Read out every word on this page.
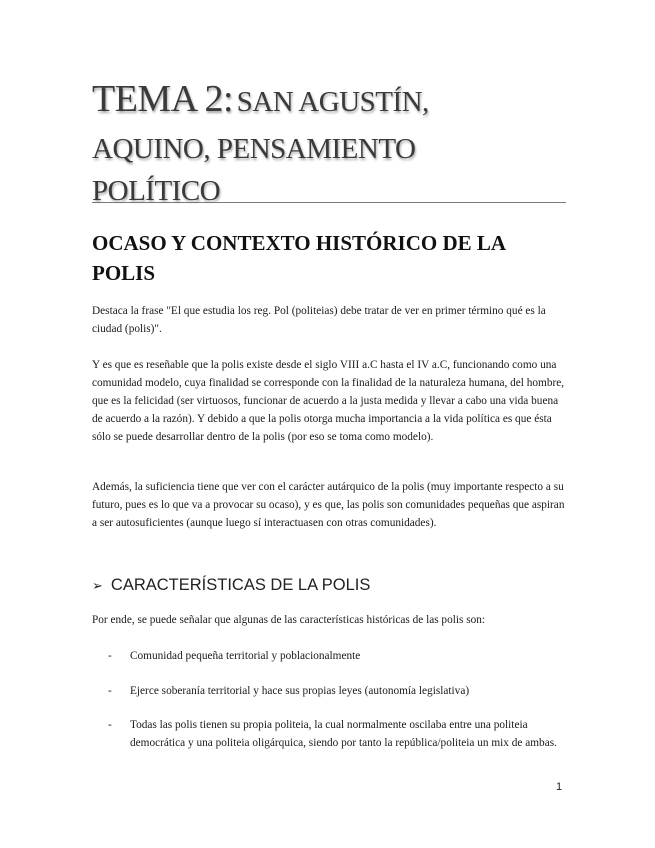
TEMA 2: SAN AGUSTÍN,
AQUINO, PENSAMIENTO
POLÍTICO
OCASO Y CONTEXTO HISTÓRICO DE LA
POLIS

Destaca la frase "El que estudia los reg. Pol (politeias) debe tratar de ver en primer término qué es la ciudad (polis)".

Y es que es reseñable que la polis existe desde el siglo VIII a.C hasta el IV a.C, funcionando como una comunidad modelo, cuya finalidad se corresponde con la finalidad de la naturaleza humana, del hombre, que es la felicidad (ser virtuosos, funcionar de acuerdo a la justa medida y llevar a cabo una vida buena de acuerdo a la razón). Y debido a que la polis otorga mucha importancia a la vida política es que ésta sólo se puede desarrollar dentro de la polis (por eso se toma como modelo).

Además, la suficiencia tiene que ver con el carácter autárquico de la polis (muy importante respecto a su futuro, pues es lo que va a provocar su ocaso), y es que, las polis son comunidades pequeñas que aspiran a ser autosuficientes (aunque luego sí interactuasen con otras comunidades).

➢ CARACTERÍSTICAS DE LA POLIS

Por ende, se puede señalar que algunas de las características históricas de las polis son:

-	Comunidad pequeña territorial y poblacionalmente
-	Ejerce soberanía territorial y hace sus propias leyes (autonomía legislativa)
-	Todas las polis tienen su propia politeia, la cual normalmente oscilaba entre una politeia democrática y una politeia oligárquica, siendo por tanto la república/politeia un mix de ambas.
1
